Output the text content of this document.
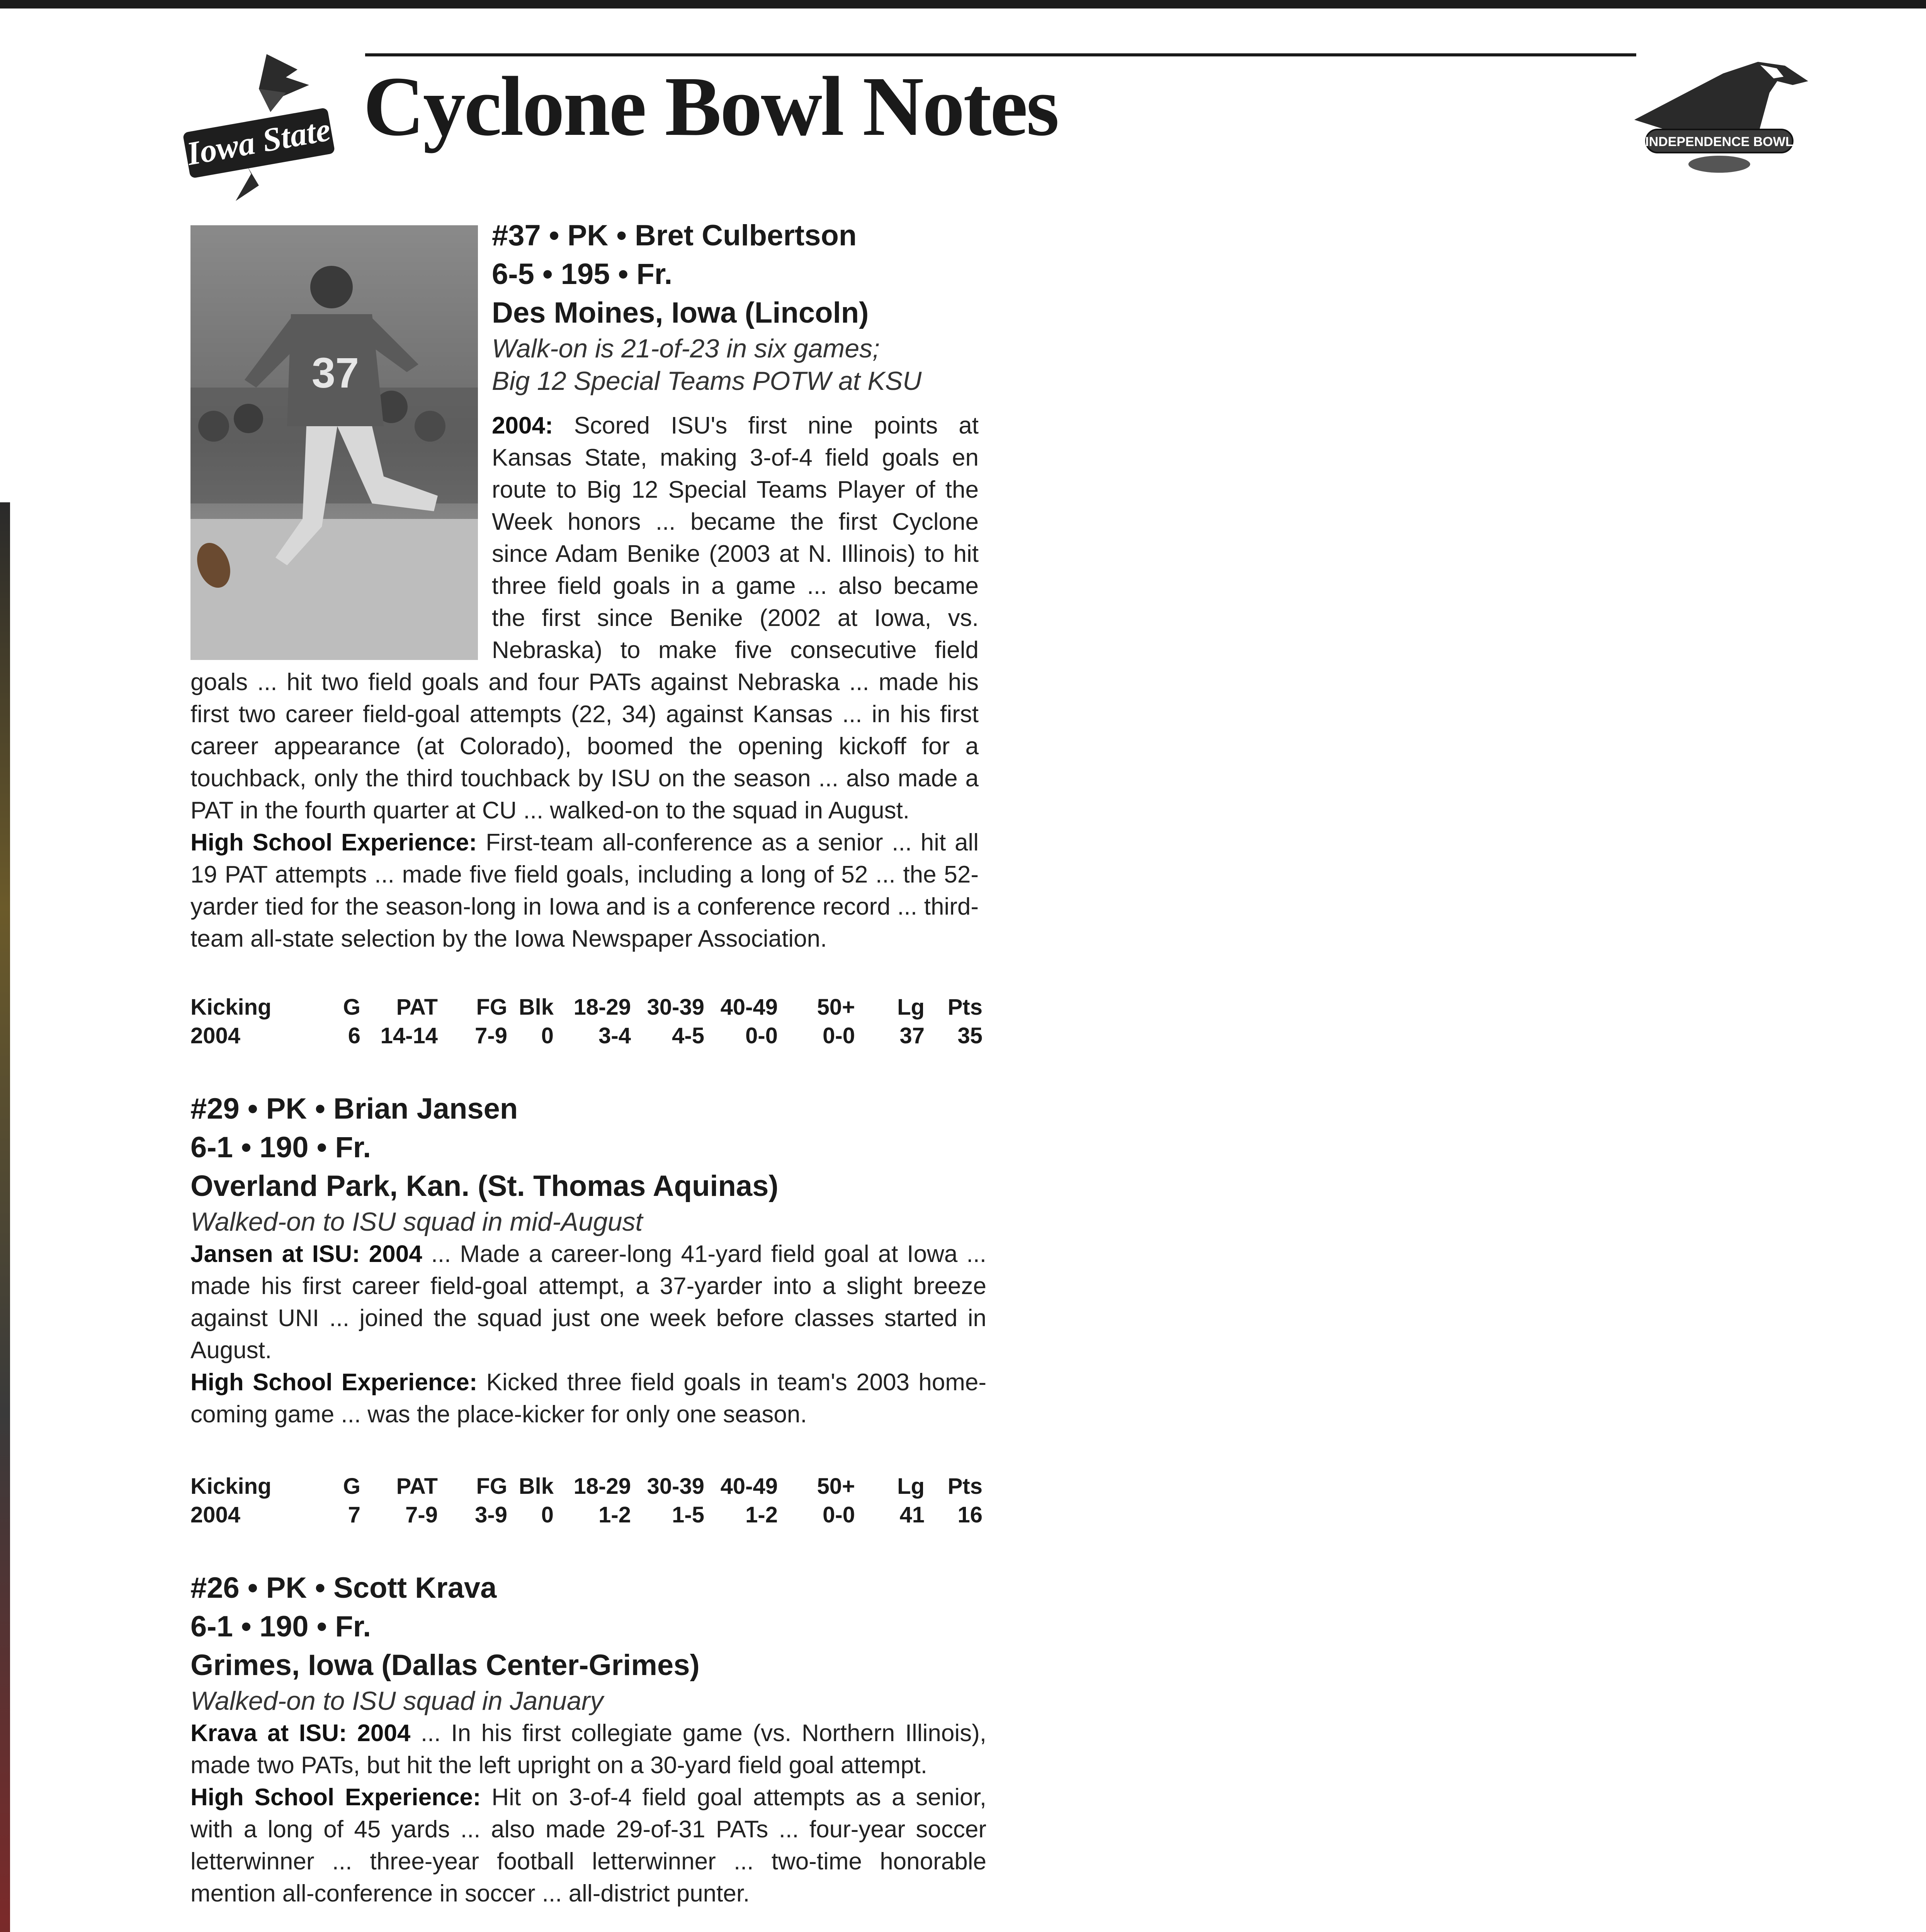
Iowa State Cyclone Bowl Notes	INDEPENDENCE BOWL
37
#37 • PK • Bret Culbertson
6-5 • 195 • Fr.
Des Moines, Iowa (Lincoln)
Walk-on is 21-of-23 in six games;
Big 12 Special Teams POTW at KSU

2004: Scored ISU's first nine points at Kansas State, making 3-of-4 field goals en route to Big 12 Special Teams Player of the Week honors ... became the first Cyclone since Adam Benike (2003 at N. Illinois) to hit three field goals in a game ... also became the first since Benike (2002 at Iowa, vs. Nebraska) to make five consecutive field goals ... hit two field goals and four PATs against Nebraska ... made his first two career field-goal attempts (22, 34) against Kansas ... in his first career appearance (at Colorado), boomed the opening kickoff for a touchback, only the third touchback by ISU on the season ... also made a PAT in the fourth quarter at CU ... walked-on to the squad in August.

High School Experience: First-team all-conference as a senior ... hit all 19 PAT attempts ... made five field goals, including a long of 52 ... the 52-yarder tied for the season-long in Iowa and is a conference record ... third-team all-state selection by the Iowa Newspaper Association.

Kicking	G	PAT	FG	Blk	18-29	30-39	40-49	50+	Lg	Pts
2004	6	14-14	7-9	0	3-4	4-5	0-0	0-0	37	35
#29 • PK • Brian Jansen
6-1 • 190 • Fr.
Overland Park, Kan. (St. Thomas Aquinas)
Walked-on to ISU squad in mid-August

Jansen at ISU: 2004 ... Made a career-long 41-yard field goal at Iowa ... made his first career field-goal attempt, a 37-yarder into a slight breeze against UNI ... joined the squad just one week before classes started in August.

High School Experience: Kicked three field goals in team's 2003 home-coming game ... was the place-kicker for only one season.

Kicking	G	PAT	FG	Blk	18-29	30-39	40-49	50+	Lg	Pts
2004	7	7-9	3-9	0	1-2	1-5	1-2	0-0	41	16
#26 • PK • Scott Krava
6-1 • 190 • Fr.
Grimes, Iowa (Dallas Center-Grimes)
Walked-on to ISU squad in January

Krava at ISU: 2004 ... In his first collegiate game (vs. Northern Illinois), made two PATs, but hit the left upright on a 30-yard field goal attempt.

High School Experience: Hit on 3-of-4 field goal attempts as a senior, with a long of 45 yards ... also made 29-of-31 PATs ... four-year soccer letterwinner ... three-year football letterwinner ... two-time honorable mention all-conference in soccer ... all-district punter.
